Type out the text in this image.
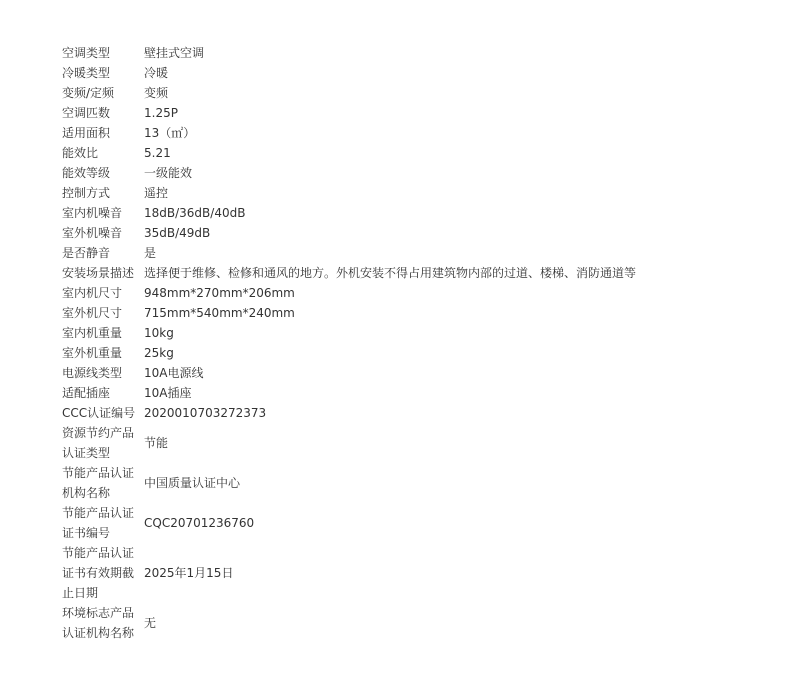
空调类型	壁挂式空调
冷暖类型	冷暖
变频/定频	变频
空调匹数	1.25P
适用面积	13（㎡）
能效比	5.21
能效等级	一级能效
控制方式	遥控
室内机噪音	18dB/36dB/40dB
室外机噪音	35dB/49dB
是否静音	是
安装场景描述	选择便于维修、检修和通风的地方。外机安装不得占用建筑物内部的过道、楼梯、消防通道等
室内机尺寸	948mm*270mm*206mm
室外机尺寸	715mm*540mm*240mm
室内机重量	10kg
室外机重量	25kg
电源线类型	10A电源线
适配插座	10A插座
CCC认证编号	2020010703272373
资源节约产品认证类型	节能
节能产品认证机构名称	中国质量认证中心
节能产品认证证书编号	CQC20701236760
节能产品认证证书有效期截止日期	2025年1月15日
环境标志产品认证机构名称	无
